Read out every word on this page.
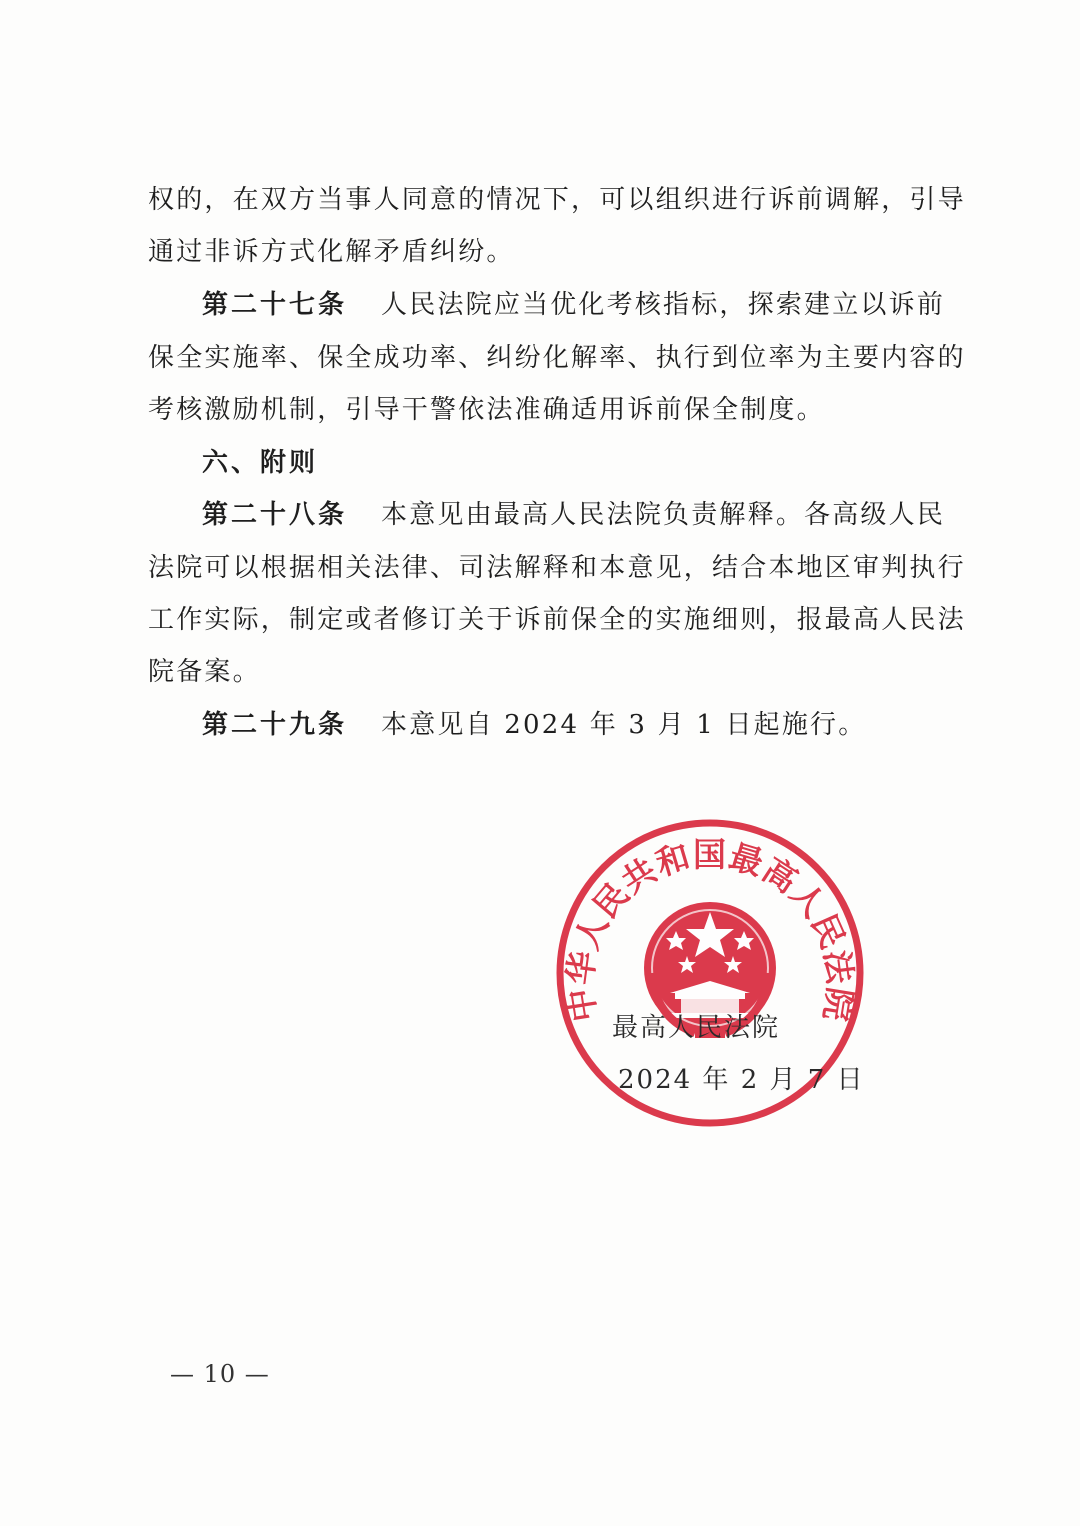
权的，在双方当事人同意的情况下，可以组织进行诉前调解，引导
通过非诉方式化解矛盾纠纷。
第二十七条 人民法院应当优化考核指标，探索建立以诉前
保全实施率、保全成功率、纠纷化解率、执行到位率为主要内容的
考核激励机制，引导干警依法准确适用诉前保全制度。
六、附则
第二十八条 本意见由最高人民法院负责解释。各高级人民
法院可以根据相关法律、司法解释和本意见，结合本地区审判执行
工作实际，制定或者修订关于诉前保全的实施细则，报最高人民法
院备案。
第二十九条 本意见自 2024 年 3 月 1 日起施行。
中华人民共和国最高人民法院
最高人民法院
2024 年 2 月 7 日
— 10 —
